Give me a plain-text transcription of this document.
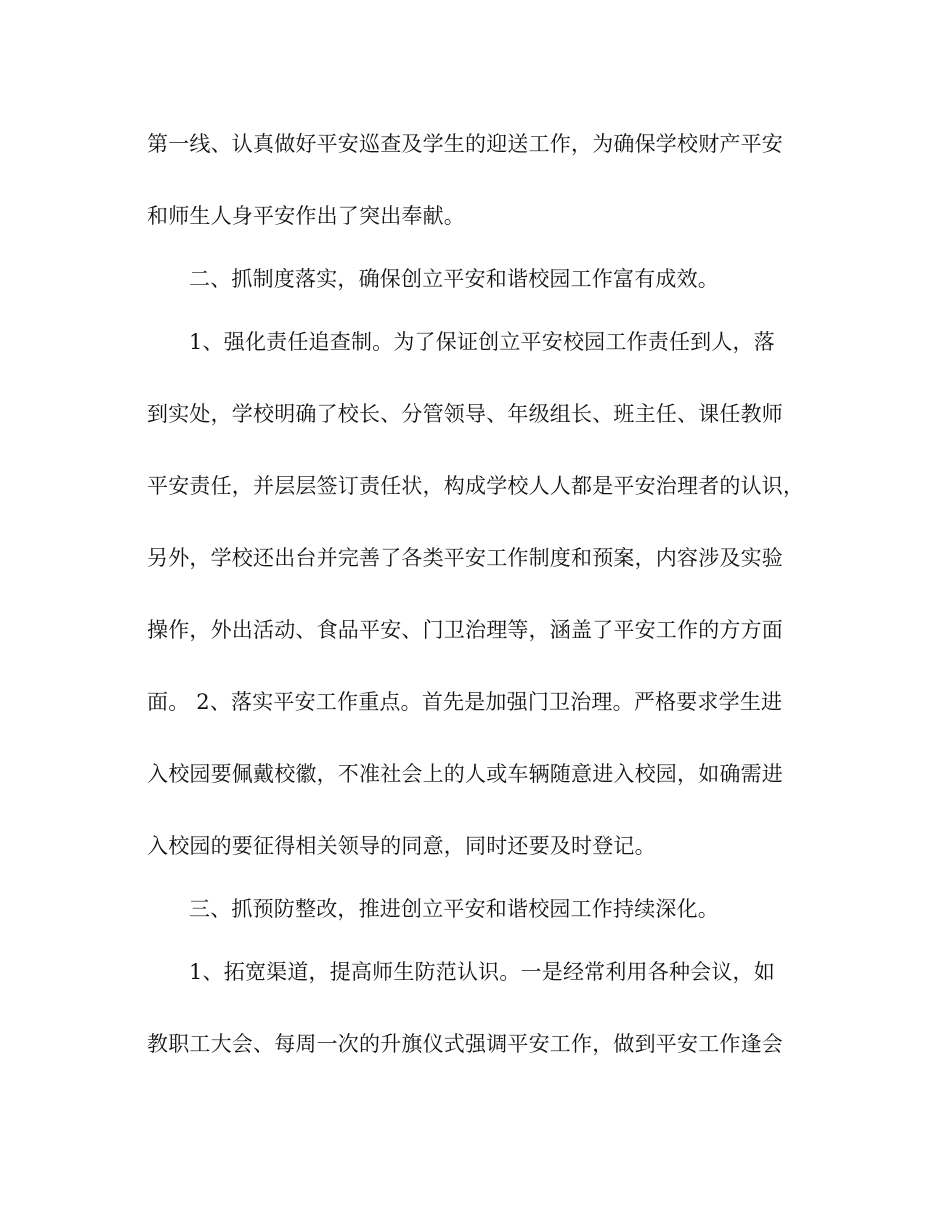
第一线、认真做好平安巡查及学生的迎送工作，为确保学校财产平安
和师生人身平安作出了突出奉献。
二、抓制度落实，确保创立平安和谐校园工作富有成效。
1、强化责任追查制。为了保证创立平安校园工作责任到人，落
到实处，学校明确了校长、分管领导、年级组长、班主任、课任教师
平安责任，并层层签订责任状，构成学校人人都是平安治理者的认识，
另外，学校还出台并完善了各类平安工作制度和预案，内容涉及实验
操作，外出活动、食品平安、门卫治理等，涵盖了平安工作的方方面
面。 2、落实平安工作重点。首先是加强门卫治理。严格要求学生进
入校园要佩戴校徽，不准社会上的人或车辆随意进入校园，如确需进
入校园的要征得相关领导的同意，同时还要及时登记。
三、抓预防整改，推进创立平安和谐校园工作持续深化。
1、拓宽渠道，提高师生防范认识。一是经常利用各种会议，如
教职工大会、每周一次的升旗仪式强调平安工作，做到平安工作逢会
